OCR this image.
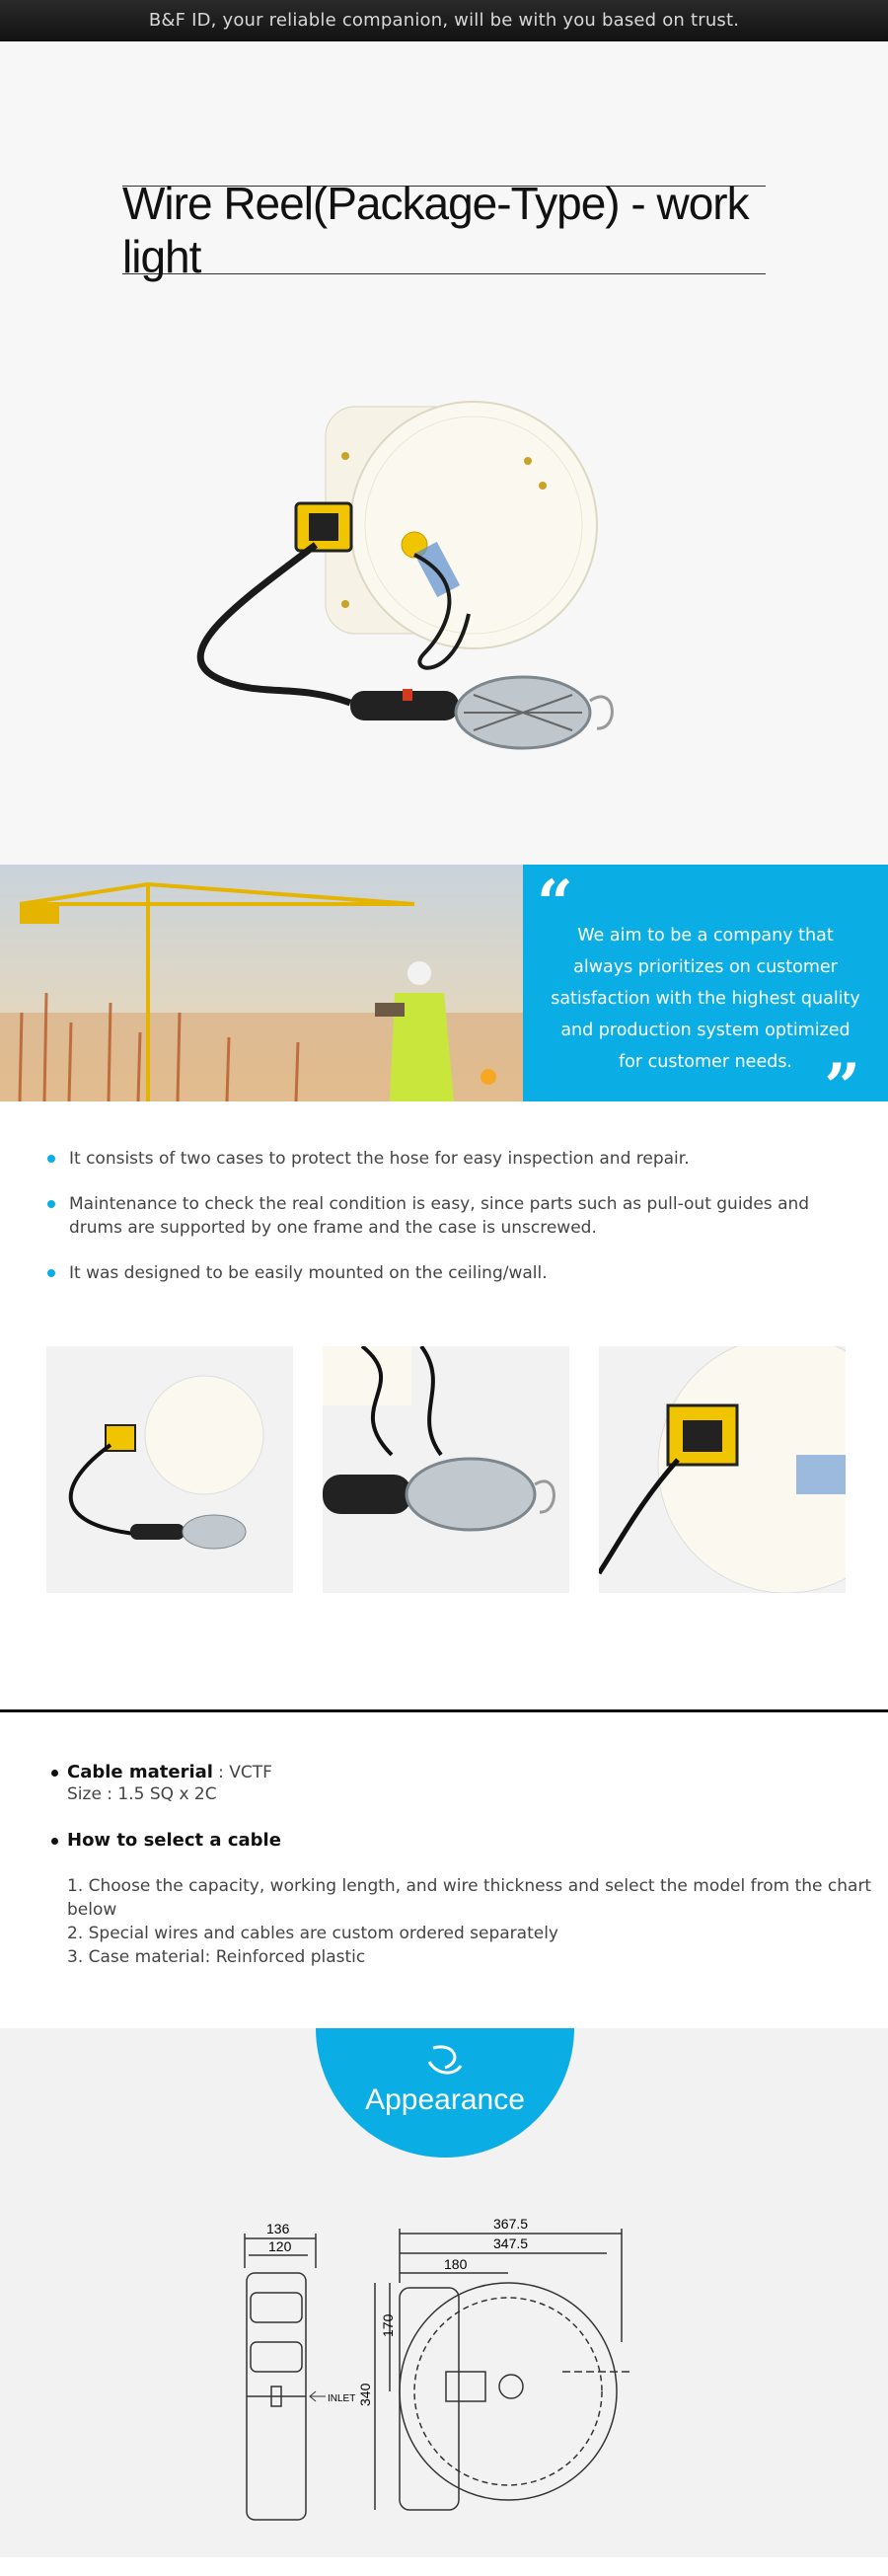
B&F ID, your reliable companion, will be with you based on trust.
Wire Reel(Package-Type) - work light
“ We aim to be a company that always prioritizes on customer satisfaction with the highest quality and production system optimized for customer needs. ”
It consists of two cases to protect the hose for easy inspection and repair.
Maintenance to check the real condition is easy, since parts such as pull-out guides and drums are supported by one frame and the case is unscrewed.
It was designed to be easily mounted on the ceiling/wall.
Cable material : VCTF
Size : 1.5 SQ x 2C
How to select a cable
1. Choose the capacity, working length, and wire thickness and select the model from the chart below
2. Special wires and cables are custom ordered separately
3. Case material: Reinforced plastic
Appearance
136
120
INLET
367.5
347.5
180
170
340
